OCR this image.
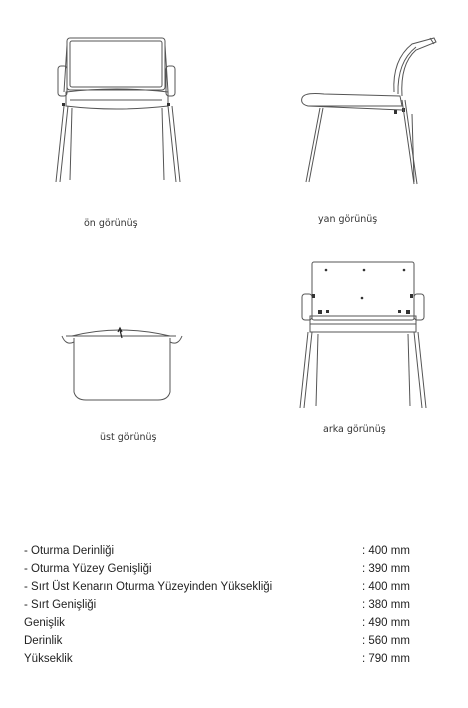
ön görünüş	yan görünüş
üst görünüş
arka görünüş
- Oturma Derinliği	: 400 mm
- Oturma Yüzey Genişliği	: 390 mm
- Sırt Üst Kenarın Oturma Yüzeyinden Yüksekliği	: 400 mm
- Sırt Genişliği	: 380 mm
Genişlik	: 490 mm
Derinlik	: 560 mm
Yükseklik	: 790 mm
